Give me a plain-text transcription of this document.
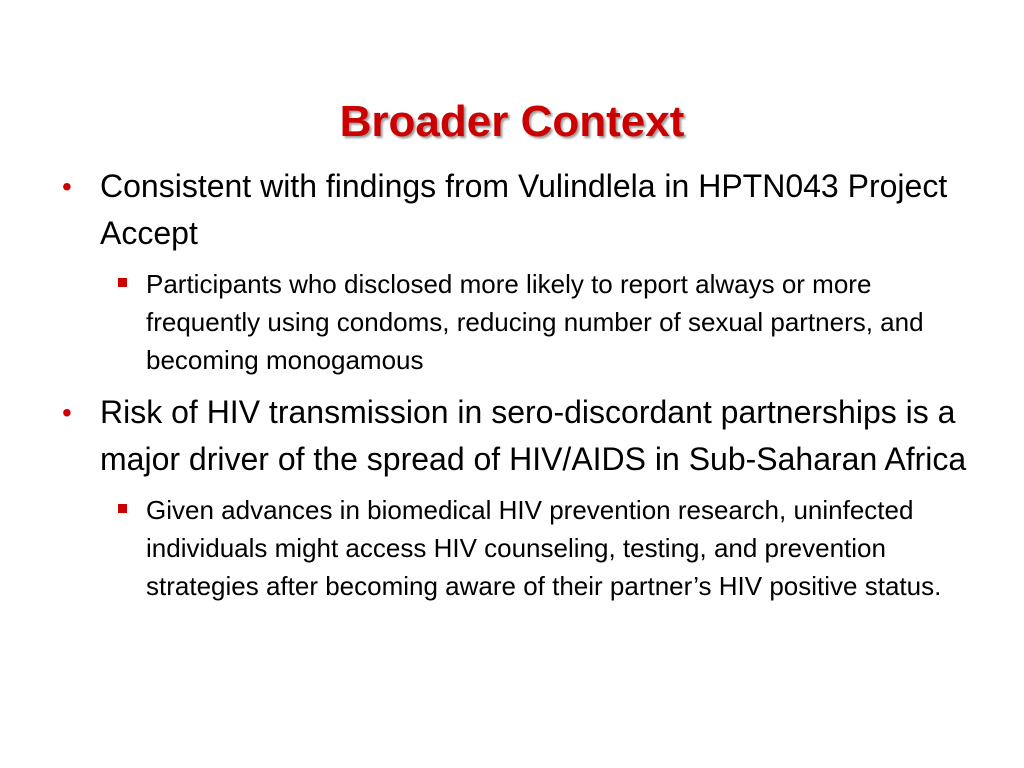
Broader Context
• Consistent with findings from Vulindlela in HPTN043 Project Accept
Participants who disclosed more likely to report always or more frequently using condoms, reducing number of sexual partners, and becoming monogamous
• Risk of HIV transmission in sero-discordant partnerships is a major driver of the spread of HIV/AIDS in Sub-Saharan Africa
Given advances in biomedical HIV prevention research, uninfected individuals might access HIV counseling, testing, and prevention strategies after becoming aware of their partner’s HIV positive status.
